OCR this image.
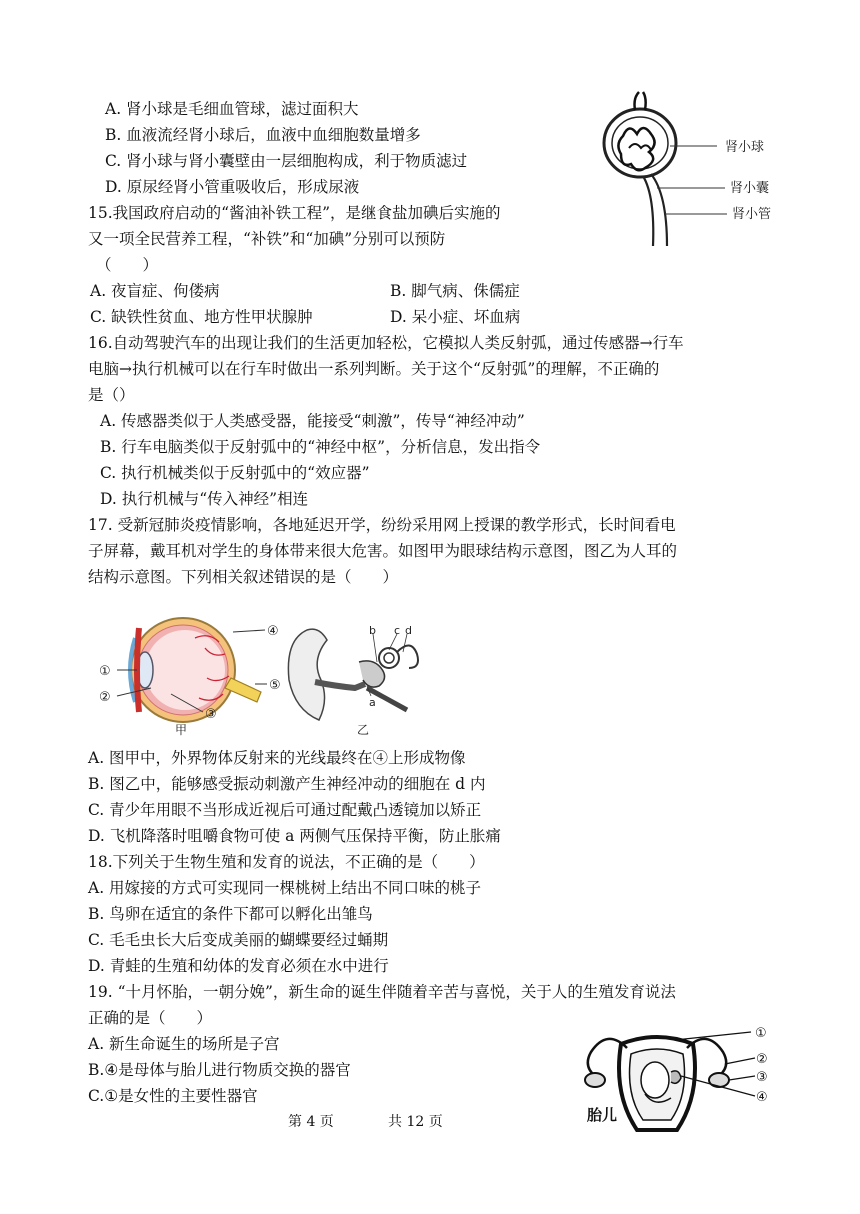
A. 肾小球是毛细血管球，滤过面积大
B. 血液流经肾小球后，血液中血细胞数量增多
C. 肾小球与肾小囊壁由一层细胞构成，利于物质滤过
D. 原尿经肾小管重吸收后，形成尿液
肾小球
肾小囊
肾小管
15.我国政府启动的“酱油补铁工程”，是继食盐加碘后实施的
又一项全民营养工程，“补铁”和“加碘”分别可以预防
（　　）
A. 夜盲症、佝偻病	B. 脚气病、侏儒症
C. 缺铁性贫血、地方性甲状腺肿	D. 呆小症、坏血病
16.自动驾驶汽车的出现让我们的生活更加轻松，它模拟人类反射弧，通过传感器→行车
电脑→执行机械可以在行车时做出一系列判断。关于这个“反射弧”的理解，不正确的
是（）
A. 传感器类似于人类感受器，能接受“刺激”，传导“神经冲动”
B. 行车电脑类似于反射弧中的“神经中枢”，分析信息，发出指令
C. 执行机械类似于反射弧中的“效应器”
D. 执行机械与“传入神经”相连
17. 受新冠肺炎疫情影响，各地延迟开学，纷纷采用网上授课的教学形式，长时间看电
子屏幕，戴耳机对学生的身体带来很大危害。如图甲为眼球结构示意图，图乙为人耳的
结构示意图。下列相关叙述错误的是（　　）
①
②
③
④
⑤
甲
b c d
a
乙
A. 图甲中，外界物体反射来的光线最终在④上形成物像
B. 图乙中，能够感受振动刺激产生神经冲动的细胞在 d 内
C. 青少年用眼不当形成近视后可通过配戴凸透镜加以矫正
D. 飞机降落时咀嚼食物可使 a 两侧气压保持平衡，防止胀痛
18.下列关于生物生殖和发育的说法，不正确的是（　　）
A. 用嫁接的方式可实现同一棵桃树上结出不同口味的桃子
B. 鸟卵在适宜的条件下都可以孵化出雏鸟
C. 毛毛虫长大后变成美丽的蝴蝶要经过蛹期
D. 青蛙的生殖和幼体的发育必须在水中进行
19. “十月怀胎，一朝分娩”，新生命的诞生伴随着辛苦与喜悦，关于人的生殖发育说法
正确的是（　　）
A. 新生命诞生的场所是子宫
B.④是母体与胎儿进行物质交换的器官
C.①是女性的主要性器官
①
②
③
④
胎儿
第 4 页	共 12 页
